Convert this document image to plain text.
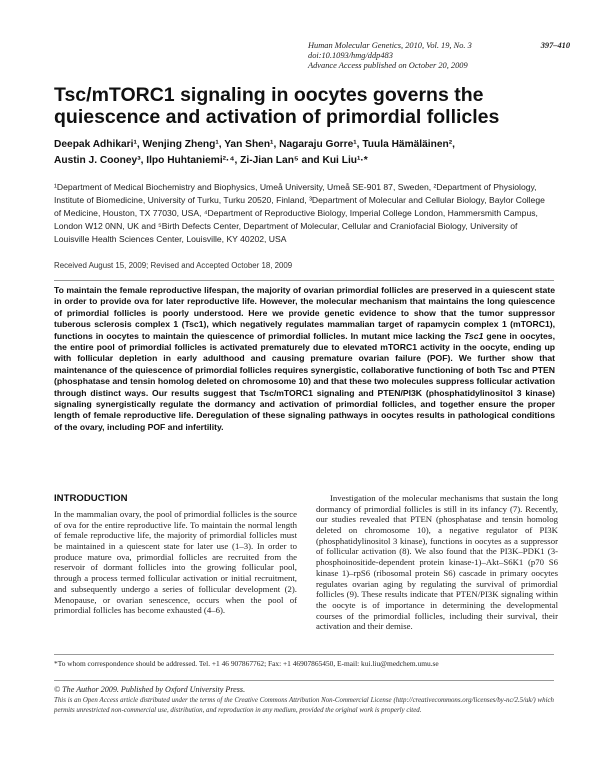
Human Molecular Genetics, 2010, Vol. 19, No. 3	397–410
doi:10.1093/hmg/ddp483
Advance Access published on October 20, 2009
Tsc/mTORC1 signaling in oocytes governs the
quiescence and activation of primordial follicles
Deepak Adhikari¹, Wenjing Zheng¹, Yan Shen¹, Nagaraju Gorre¹, Tuula Hämäläinen²,
Austin J. Cooney³, Ilpo Huhtaniemi²·⁴, Zi-Jian Lan⁵ and Kui Liu¹·*
¹Department of Medical Biochemistry and Biophysics, Umeå University, Umeå SE-901 87, Sweden, ²Department of Physiology, Institute of Biomedicine, University of Turku, Turku 20520, Finland, ³Department of Molecular and Cellular Biology, Baylor College of Medicine, Houston, TX 77030, USA, ⁴Department of Reproductive Biology, Imperial College London, Hammersmith Campus, London W12 0NN, UK and ⁵Birth Defects Center, Department of Molecular, Cellular and Craniofacial Biology, University of Louisville Health Sciences Center, Louisville, KY 40202, USA
Received August 15, 2009; Revised and Accepted October 18, 2009
To maintain the female reproductive lifespan, the majority of ovarian primordial follicles are preserved in a quiescent state in order to provide ova for later reproductive life. However, the molecular mechanism that maintains the long quiescence of primordial follicles is poorly understood. Here we provide genetic evidence to show that the tumor suppressor tuberous sclerosis complex 1 (Tsc1), which negatively regulates mammalian target of rapamycin complex 1 (mTORC1), functions in oocytes to maintain the quiescence of primordial follicles. In mutant mice lacking the Tsc1 gene in oocytes, the entire pool of primordial follicles is activated prematurely due to elevated mTORC1 activity in the oocyte, ending up with follicular depletion in early adulthood and causing premature ovarian failure (POF). We further show that maintenance of the quiescence of primordial follicles requires synergistic, collaborative functioning of both Tsc and PTEN (phosphatase and tensin homolog deleted on chromosome 10) and that these two molecules suppress follicular activation through distinct ways. Our results suggest that Tsc/mTORC1 signaling and PTEN/PI3K (phosphatidylinositol 3 kinase) signaling synergistically regulate the dormancy and activation of primordial follicles, and together ensure the proper length of female reproductive life. Deregulation of these signaling pathways in oocytes results in pathological conditions of the ovary, including POF and infertility.
INTRODUCTION

In the mammalian ovary, the pool of primordial follicles is the source of ova for the entire reproductive life. To maintain the normal length of female reproductive life, the majority of primordial follicles must be maintained in a quiescent state for later use (1–3). In order to produce mature ova, primordial follicles are recruited from the reservoir of dormant follicles into the growing follicular pool, through a process termed follicular activation or initial recruitment, and subsequently undergo a series of follicular development (2). Menopause, or ovarian senescence, occurs when the pool of primordial follicles has become exhausted (4–6).

Investigation of the molecular mechanisms that sustain the long dormancy of primordial follicles is still in its infancy (7). Recently, our studies revealed that PTEN (phosphatase and tensin homolog deleted on chromosome 10), a negative regulator of PI3K (phosphatidylinositol 3 kinase), functions in oocytes as a suppressor of follicular activation (8). We also found that the PI3K–PDK1 (3-phosphoinositide-dependent protein kinase-1)–Akt–S6K1 (p70 S6 kinase 1)–rpS6 (ribosomal protein S6) cascade in primary oocytes regulates ovarian aging by regulating the survival of primordial follicles (9). These results indicate that PTEN/PI3K signaling within the oocyte is of importance in determining the developmental courses of the primordial follicles, including their survival, their activation and their demise.

*To whom correspondence should be addressed. Tel. +1 46 907867762; Fax: +1 46907865450, E-mail: kui.liu@medchem.umu.se
© The Author 2009. Published by Oxford University Press.
This is an Open Access article distributed under the terms of the Creative Commons Attribution Non-Commercial License (http://creativecommons.org/licenses/by-nc/2.5/uk/) which permits unrestricted non-commercial use, distribution, and reproduction in any medium, provided the original work is properly cited.
